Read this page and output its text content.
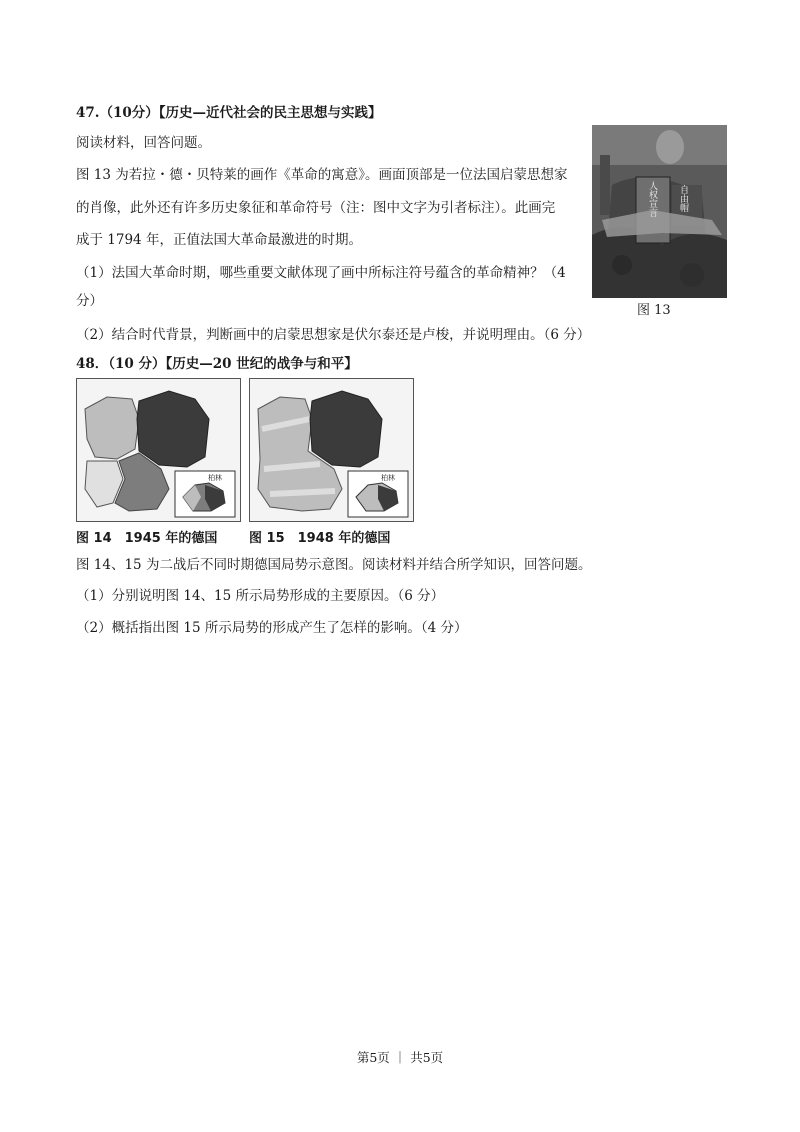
47.（10分）【历史—近代社会的民主思想与实践】
阅读材料，回答问题。
图 13 为若拉・德・贝特莱的画作《革命的寓意》。画面顶部是一位法国启蒙思想家
的肖像，此外还有许多历史象征和革命符号（注：图中文字为引者标注）。此画完
成于 1794 年，正值法国大革命最激进的时期。
（1）法国大革命时期，哪些重要文献体现了画中所标注符号蕴含的革命精神？（4
分）
（2）结合时代背景，判断画中的启蒙思想家是伏尔泰还是卢梭，并说明理由。（6 分）
自由帽
人权宣言
图 13
48．（10 分）【历史—20 世纪的战争与和平】
柏林
图 14　1945 年的德国
柏林
图 15　1948 年的德国
图 14、15 为二战后不同时期德国局势示意图。阅读材料并结合所学知识，回答问题。
（1）分别说明图 14、15 所示局势形成的主要原因。（6 分）
（2）概括指出图 15 所示局势的形成产生了怎样的影响。（4 分）
第5页 ｜ 共5页
